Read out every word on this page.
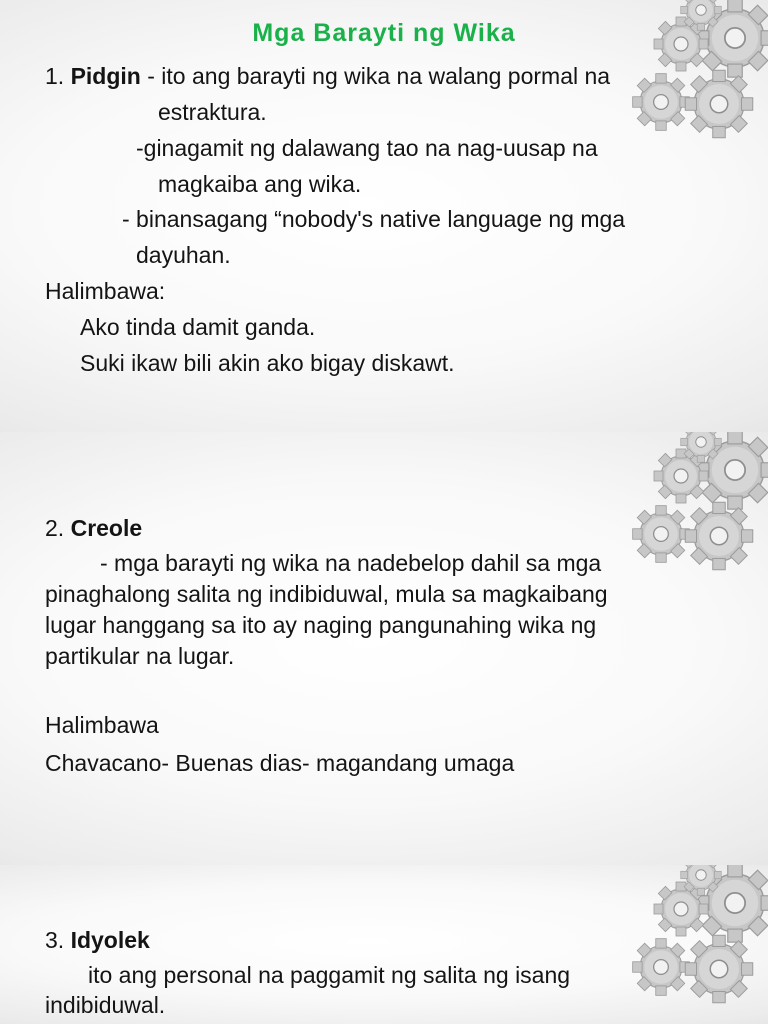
Mga Barayti ng Wika

1. Pidgin - ito ang barayti ng wika na walang pormal na

estraktura.

-ginagamit ng dalawang tao na nag-uusap na

magkaiba ang wika.

- binansagang “nobody's native language ng mga

dayuhan.

Halimbawa:

Ako tinda damit ganda.

Suki ikaw bili akin ako bigay diskawt.

2. Creole

- mga barayti ng wika na nadebelop dahil sa mga

pinaghalong salita ng indibiduwal, mula sa magkaibang

lugar hanggang sa ito ay naging pangunahing wika ng

partikular na lugar.

Halimbawa

Chavacano- Buenas dias- magandang umaga

3. Idyolek

ito ang personal na paggamit ng salita ng isang

indibiduwal.
